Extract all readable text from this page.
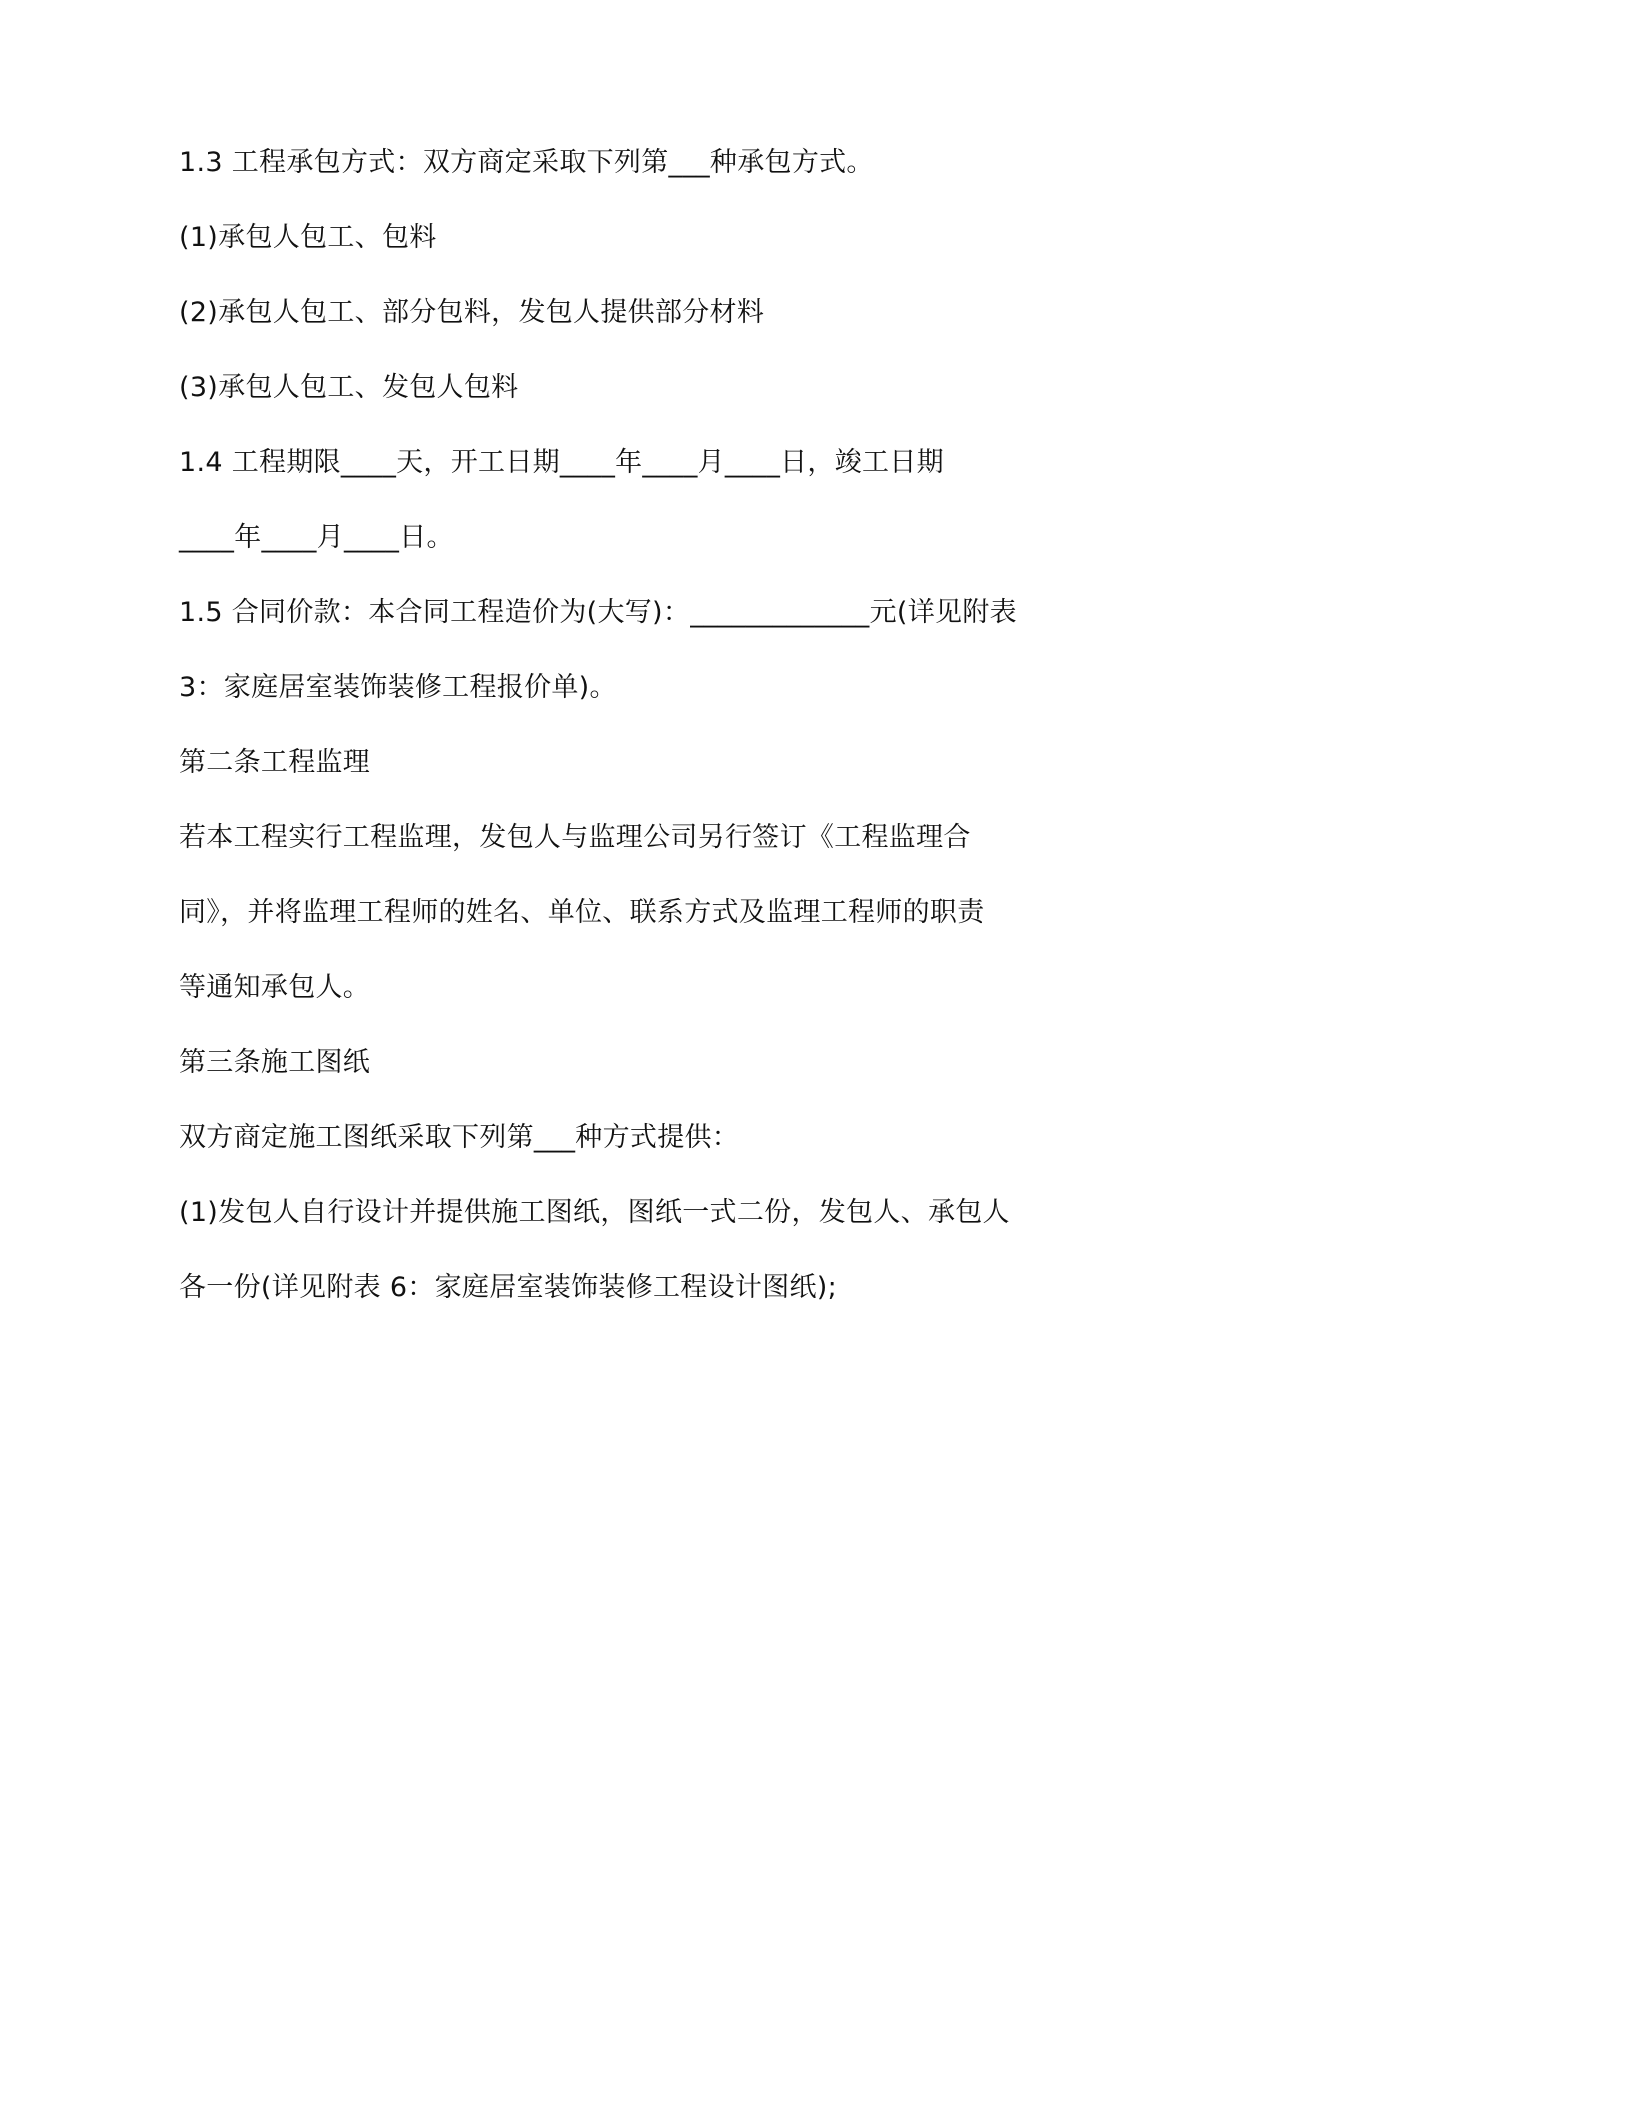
1.3 工程承包方式：双方商定采取下列第___种承包方式。
(1)承包人包工、包料
(2)承包人包工、部分包料，发包人提供部分材料
(3)承包人包工、发包人包料
1.4 工程期限____天，开工日期____年____月____日，竣工日期
____年____月____日。
1.5 合同价款：本合同工程造价为(大写)：_____________元(详见附表
3：家庭居室装饰装修工程报价单)。
第二条工程监理
若本工程实行工程监理，发包人与监理公司另行签订《工程监理合
同》，并将监理工程师的姓名、单位、联系方式及监理工程师的职责
等通知承包人。
第三条施工图纸
双方商定施工图纸采取下列第___种方式提供：
(1)发包人自行设计并提供施工图纸，图纸一式二份，发包人、承包人
各一份(详见附表 6：家庭居室装饰装修工程设计图纸);
